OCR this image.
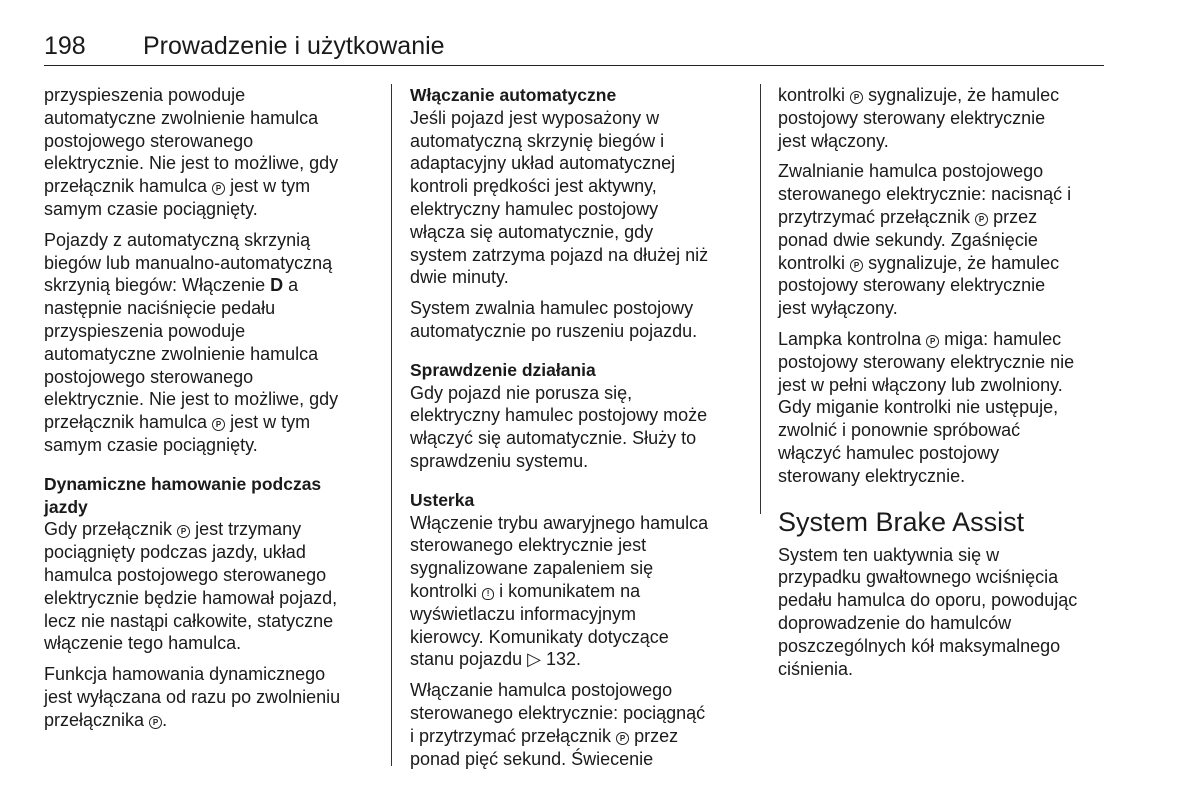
198 Prowadzenie i użytkowanie
przyspieszenia powoduje
automatyczne zwolnienie hamulca
postojowego sterowanego
elektrycznie. Nie jest to możliwe, gdy
przełącznik hamulca P jest w tym
samym czasie pociągnięty.
Pojazdy z automatyczną skrzynią
biegów lub manualno-automatyczną
skrzynią biegów: Włączenie D a
następnie naciśnięcie pedału
przyspieszenia powoduje
automatyczne zwolnienie hamulca
postojowego sterowanego
elektrycznie. Nie jest to możliwe, gdy
przełącznik hamulca P jest w tym
samym czasie pociągnięty.
Dynamiczne hamowanie podczas
jazdy
Gdy przełącznik P jest trzymany
pociągnięty podczas jazdy, układ
hamulca postojowego sterowanego
elektrycznie będzie hamował pojazd,
lecz nie nastąpi całkowite, statyczne
włączenie tego hamulca.
Funkcja hamowania dynamicznego
jest wyłączana od razu po zwolnieniu
przełącznika P .
Włączanie automatyczne
Jeśli pojazd jest wyposażony w
automatyczną skrzynię biegów i
adaptacyjny układ automatycznej
kontroli prędkości jest aktywny,
elektryczny hamulec postojowy
włącza się automatycznie, gdy
system zatrzyma pojazd na dłużej niż
dwie minuty.
System zwalnia hamulec postojowy
automatycznie po ruszeniu pojazdu.
Sprawdzenie działania
Gdy pojazd nie porusza się,
elektryczny hamulec postojowy może
włączyć się automatycznie. Służy to
sprawdzeniu systemu.
Usterka
Włączenie trybu awaryjnego hamulca
sterowanego elektrycznie jest
sygnalizowane zapaleniem się
kontrolki ! i komunikatem na
wyświetlaczu informacyjnym
kierowcy. Komunikaty dotyczące
stanu pojazdu ▷ 132.
Włączanie hamulca postojowego
sterowanego elektrycznie: pociągnąć
i przytrzymać przełącznik P przez
ponad pięć sekund. Świecenie
kontrolki P sygnalizuje, że hamulec
postojowy sterowany elektrycznie
jest włączony.
Zwalnianie hamulca postojowego
sterowanego elektrycznie: nacisnąć i
przytrzymać przełącznik P przez
ponad dwie sekundy. Zgaśnięcie
kontrolki P sygnalizuje, że hamulec
postojowy sterowany elektrycznie
jest wyłączony.
Lampka kontrolna P miga: hamulec
postojowy sterowany elektrycznie nie
jest w pełni włączony lub zwolniony.
Gdy miganie kontrolki nie ustępuje,
zwolnić i ponownie spróbować
włączyć hamulec postojowy
sterowany elektrycznie.
System Brake Assist
System ten uaktywnia się w
przypadku gwałtownego wciśnięcia
pedału hamulca do oporu, powodując
doprowadzenie do hamulców
poszczególnych kół maksymalnego
ciśnienia.
